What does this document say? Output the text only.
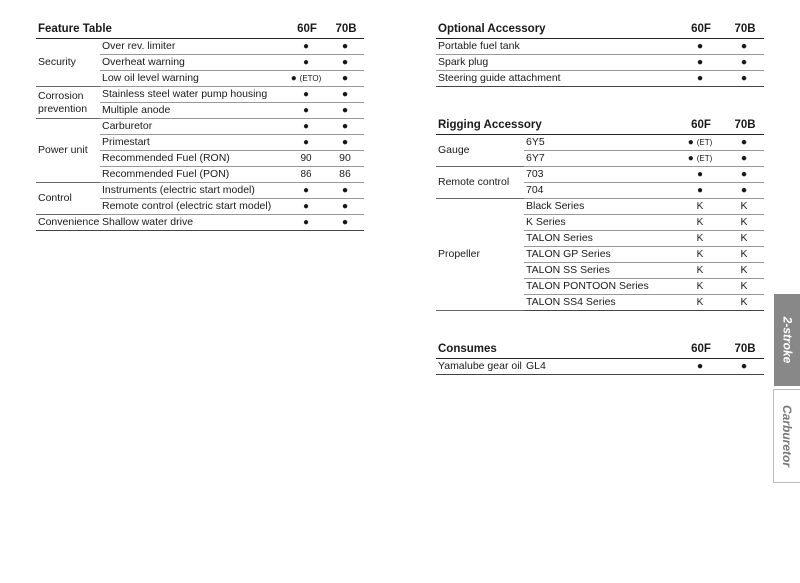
Feature Table		60F	70B
Security	Over rev. limiter	●	●
	Overheat warning	●	●
	Low oil level warning	● (ETO)	●
Corrosion prevention	Stainless steel water pump housing	●	●
	Multiple anode	●	●
Power unit	Carburetor	●	●
	Primestart	●	●
	Recommended Fuel (RON)	90	90
	Recommended Fuel (PON)	86	86
Control	Instruments (electric start model)	●	●
	Remote control (electric start model)	●	●
Convenience	Shallow water drive	●	●
Optional Accessory	60F	70B
Portable fuel tank	●	●
Spark plug	●	●
Steering guide attachment	●	●
Rigging Accessory		60F	70B
Gauge	6Y5	● (ET)	●
	6Y7	● (ET)	●
Remote control	703	●	●
	704	●	●
Propeller	Black Series	K	K
	K Series	K	K
	TALON Series	K	K
	TALON GP Series	K	K
	TALON SS Series	K	K
	TALON PONTOON Series	K	K
	TALON SS4 Series	K	K
Consumes		60F	70B
Yamalube gear oil	GL4	●	●
2-stroke
Carburetor
